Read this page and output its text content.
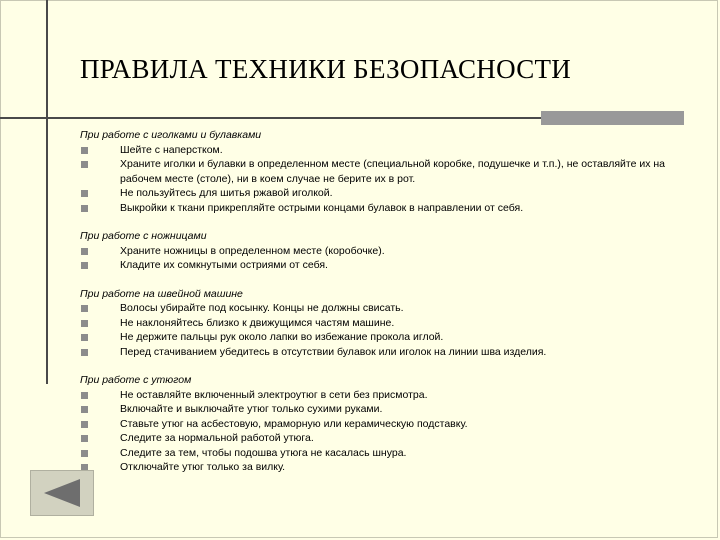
ПРАВИЛА ТЕХНИКИ БЕЗОПАСНОСТИ
При работе с иголками и булавками
Шейте с наперстком.
Храните иголки и булавки в определенном месте (специальной коробке, подушечке и т.п.), не оставляйте их на рабочем месте (столе), ни в коем случае не берите их в рот.
Не пользуйтесь для шитья ржавой иголкой.
Выкройки к ткани прикрепляйте острыми концами булавок в направлении от себя.
При работе с ножницами
Храните ножницы в определенном месте (коробочке).
Кладите их сомкнутыми остриями от себя.
При работе на швейной машине
Волосы убирайте под косынку. Концы не должны свисать.
Не наклоняйтесь близко к движущимся частям машине.
Не держите пальцы рук около лапки во избежание прокола иглой.
Перед стачиванием убедитесь в отсутствии булавок или иголок на линии шва изделия.
При работе с утюгом
Не оставляйте включенный электроутюг в сети без присмотра.
Включайте и выключайте утюг только сухими руками.
Ставьте утюг на асбестовую, мраморную или керамическую подставку.
Следите за нормальной работой утюга.
Следите за тем, чтобы подошва утюга не касалась шнура.
Отключайте утюг только за вилку.
